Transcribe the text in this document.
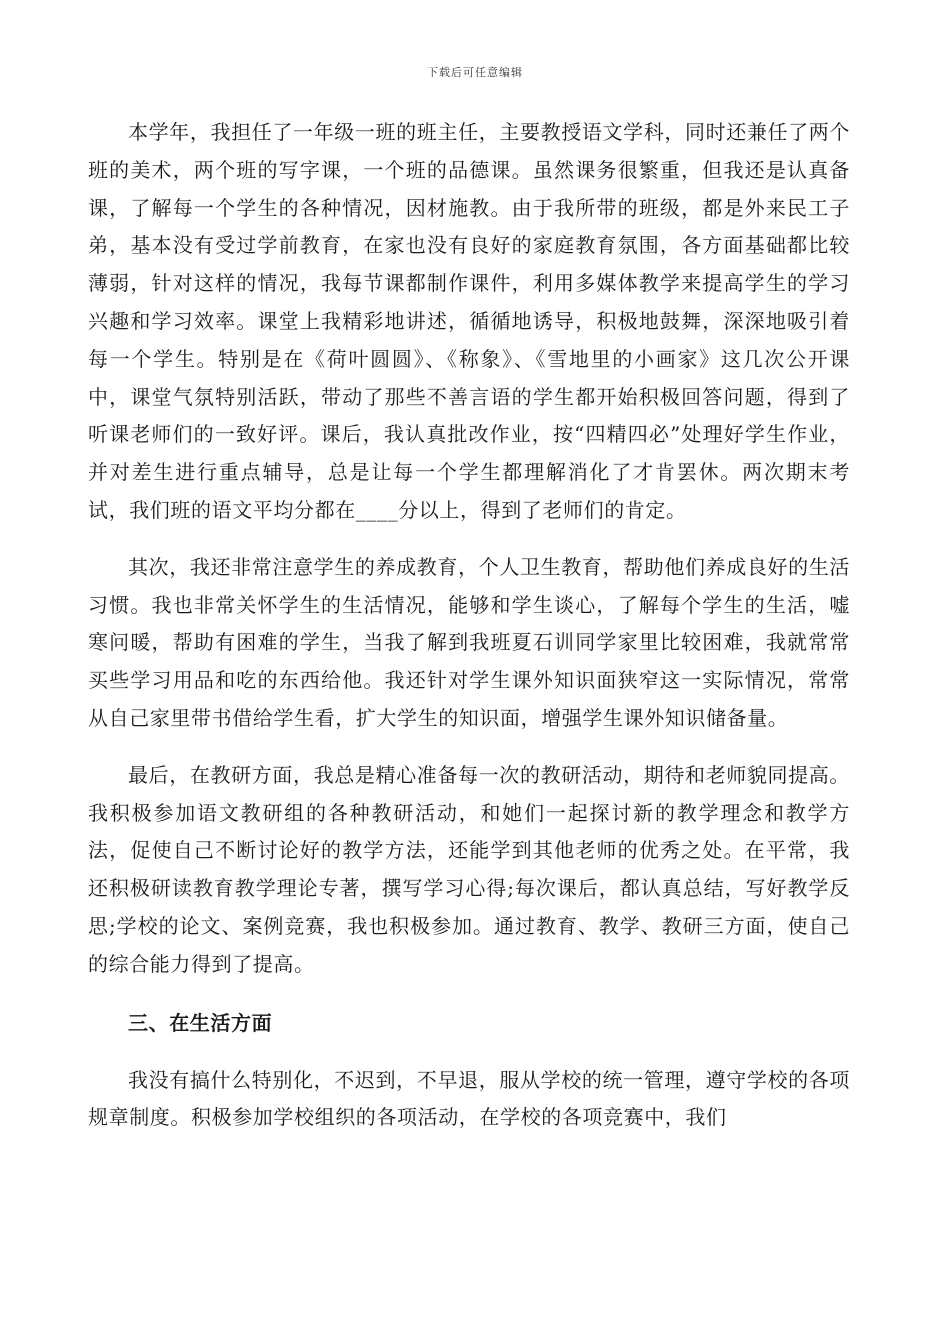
下载后可任意编辑

本学年，我担任了一年级一班的班主任，主要教授语文学科，同时还兼任了两个班的美术，两个班的写字课，一个班的品德课。虽然课务很繁重，但我还是认真备课，了解每一个学生的各种情况，因材施教。由于我所带的班级，都是外来民工子弟，基本没有受过学前教育，在家也没有良好的家庭教育氛围，各方面基础都比较薄弱，针对这样的情况，我每节课都制作课件，利用多媒体教学来提高学生的学习兴趣和学习效率。课堂上我精彩地讲述，循循地诱导，积极地鼓舞，深深地吸引着每一个学生。特别是在《荷叶圆圆》、《称象》、《雪地里的小画家》这几次公开课中，课堂气氛特别活跃，带动了那些不善言语的学生都开始积极回答问题，得到了听课老师们的一致好评。课后，我认真批改作业，按“四精四必”处理好学生作业，并对差生进行重点辅导，总是让每一个学生都理解消化了才肯罢休。两次期末考试，我们班的语文平均分都在____分以上，得到了老师们的肯定。

其次，我还非常注意学生的养成教育，个人卫生教育，帮助他们养成良好的生活习惯。我也非常关怀学生的生活情况，能够和学生谈心，了解每个学生的生活，嘘寒问暖，帮助有困难的学生，当我了解到我班夏石训同学家里比较困难，我就常常买些学习用品和吃的东西给他。我还针对学生课外知识面狭窄这一实际情况，常常从自己家里带书借给学生看，扩大学生的知识面，增强学生课外知识储备量。

最后，在教研方面，我总是精心准备每一次的教研活动，期待和老师貌同提高。我积极参加语文教研组的各种教研活动，和她们一起探讨新的教学理念和教学方法，促使自己不断讨论好的教学方法，还能学到其他老师的优秀之处。在平常，我还积极研读教育教学理论专著，撰写学习心得;每次课后，都认真总结，写好教学反思;学校的论文、案例竞赛，我也积极参加。通过教育、教学、教研三方面，使自己的综合能力得到了提高。

三、在生活方面

我没有搞什么特别化，不迟到，不早退，服从学校的统一管理，遵守学校的各项规章制度。积极参加学校组织的各项活动，在学校的各项竞赛中，我们
